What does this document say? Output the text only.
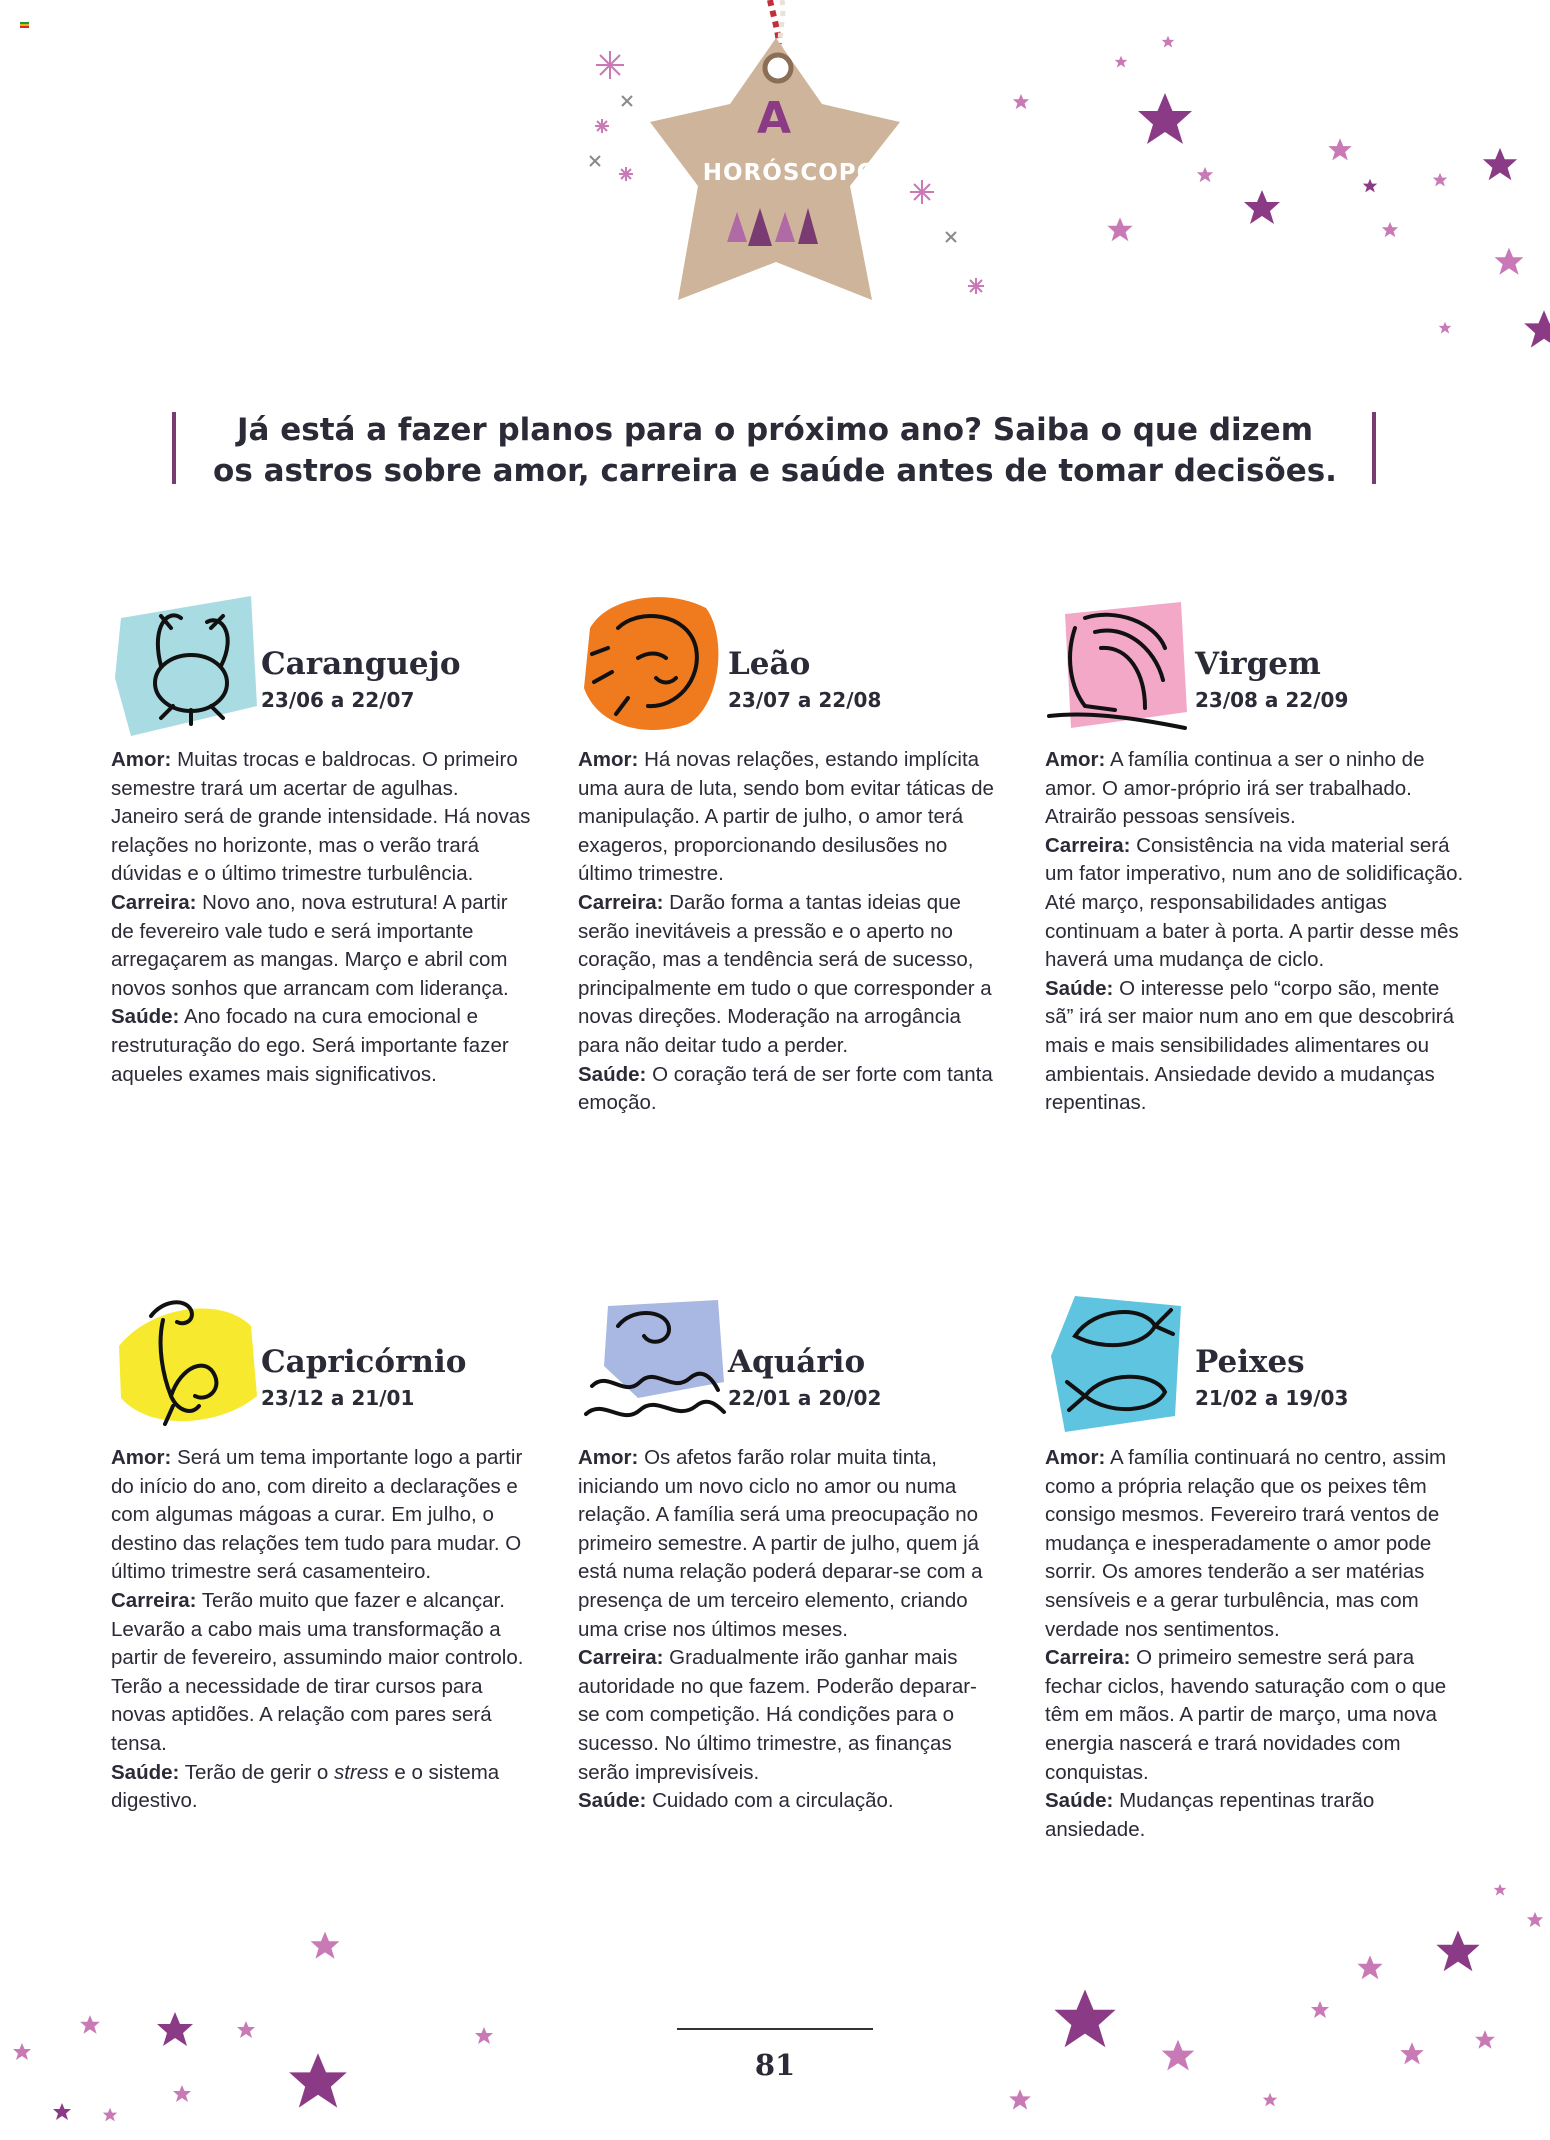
A
HORÓSCOPO
Já está a fazer planos para o próximo ano? Saiba o que dizem
os astros sobre amor, carreira e saúde antes de tomar decisões.
Caranguejo
23/06 a 22/07

Amor: Muitas trocas e baldrocas. O primeiro semestre trará um acertar de agulhas. Janeiro será de grande intensidade. Há novas relações no horizonte, mas o verão trará dúvidas e o último trimestre turbulência.

Carreira: Novo ano, nova estrutura! A partir de fevereiro vale tudo e será importante arregaçarem as mangas. Março e abril com novos sonhos que arrancam com liderança.

Saúde: Ano focado na cura emocional e restruturação do ego. Será importante fazer aqueles exames mais significativos.

Leão
23/07 a 22/08

Amor: Há novas relações, estando implícita uma aura de luta, sendo bom evitar táticas de manipulação. A partir de julho, o amor terá exageros, proporcionando desilusões no último trimestre.

Carreira: Darão forma a tantas ideias que serão inevitáveis a pressão e o aperto no coração, mas a tendência será de sucesso, principalmente em tudo o que corresponder a novas direções. Moderação na arrogância para não deitar tudo a perder.

Saúde: O coração terá de ser forte com tanta emoção.

Virgem
23/08 a 22/09

Amor: A família continua a ser o ninho de amor. O amor-próprio irá ser trabalhado. Atrairão pessoas sensíveis.

Carreira: Consistência na vida material será um fator imperativo, num ano de solidificação. Até março, responsabilidades antigas continuam a bater à porta. A partir desse mês haverá uma mudança de ciclo.

Saúde: O interesse pelo “corpo são, mente sã” irá ser maior num ano em que descobrirá mais e mais sensibilidades alimentares ou ambientais. Ansiedade devido a mudanças repentinas.

Capricórnio
23/12 a 21/01

Amor: Será um tema importante logo a partir do início do ano, com direito a declarações e com algumas mágoas a curar. Em julho, o destino das relações tem tudo para mudar. O último trimestre será casamenteiro.

Carreira: Terão muito que fazer e alcançar. Levarão a cabo mais uma transformação a partir de fevereiro, assumindo maior controlo. Terão a necessidade de tirar cursos para novas aptidões. A relação com pares será tensa.

Saúde: Terão de gerir o stress e o sistema digestivo.

Aquário
22/01 a 20/02

Amor: Os afetos farão rolar muita tinta, iniciando um novo ciclo no amor ou numa relação. A família será uma preocupação no primeiro semestre. A partir de julho, quem já está numa relação poderá deparar-se com a presença de um terceiro elemento, criando uma crise nos últimos meses.

Carreira: Gradualmente irão ganhar mais autoridade no que fazem. Poderão deparar-se com competição. Há condições para o sucesso. No último trimestre, as finanças serão imprevisíveis.

Saúde: Cuidado com a circulação.

Peixes
21/02 a 19/03

Amor: A família continuará no centro, assim como a própria relação que os peixes têm consigo mesmos. Fevereiro trará ventos de mudança e inesperadamente o amor pode sorrir. Os amores tenderão a ser matérias sensíveis e a gerar turbulência, mas com verdade nos sentimentos.

Carreira: O primeiro semestre será para fechar ciclos, havendo saturação com o que têm em mãos. A partir de março, uma nova energia nascerá e trará novidades com conquistas.

Saúde: Mudanças repentinas trarão ansiedade.

81
